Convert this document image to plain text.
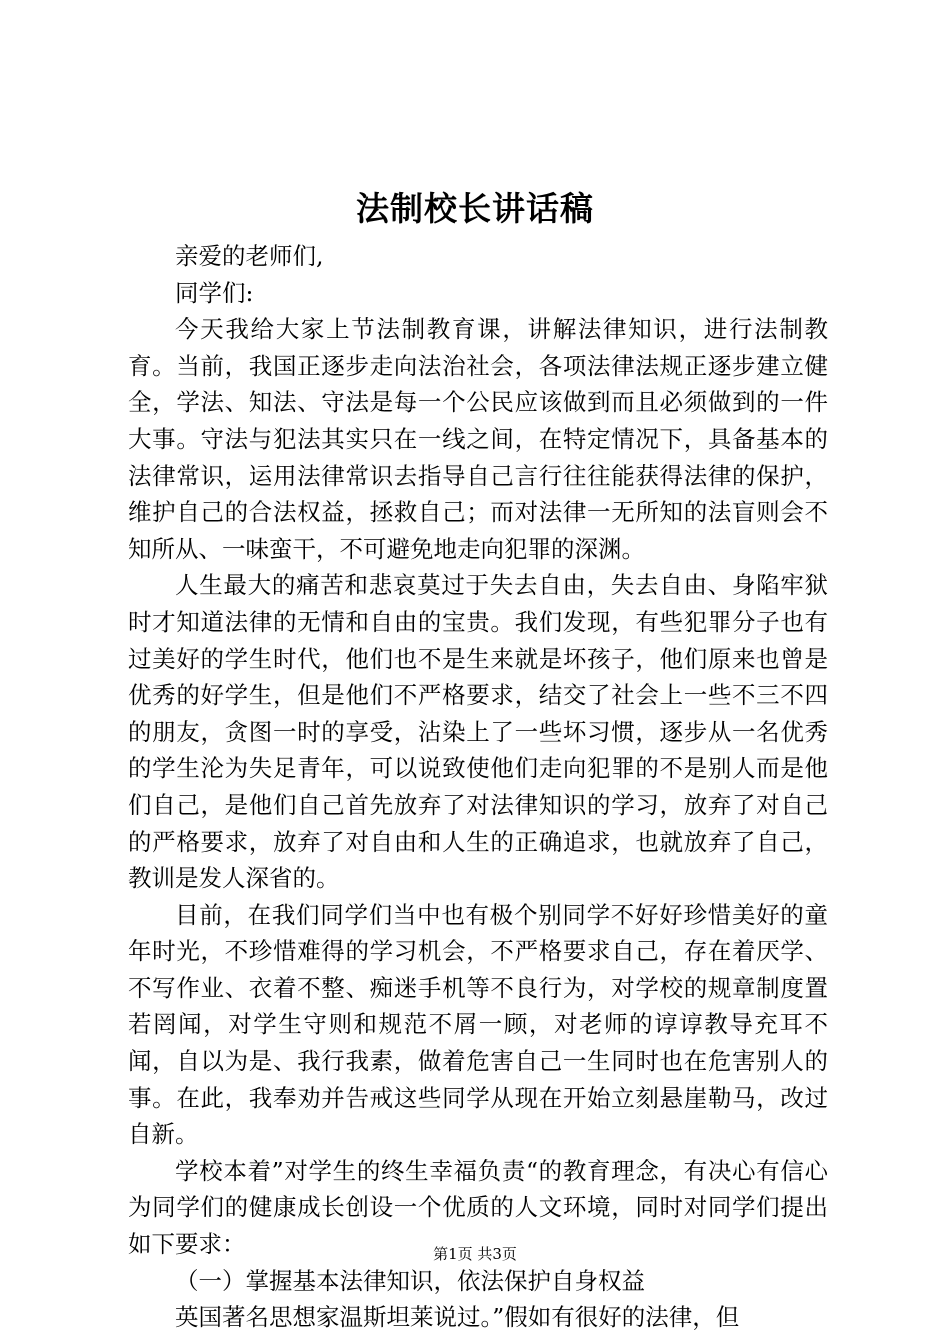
法制校长讲话稿

亲爱的老师们,

同学们:

今天我给大家上节法制教育课，讲解法律知识，进行法制教育。当前，我国正逐步走向法治社会，各项法律法规正逐步建立健全，学法、知法、守法是每一个公民应该做到而且必须做到的一件大事。守法与犯法其实只在一线之间，在特定情况下，具备基本的法律常识，运用法律常识去指导自己言行往往能获得法律的保护，维护自己的合法权益，拯救自己；而对法律一无所知的法盲则会不知所从、一味蛮干，不可避免地走向犯罪的深渊。

人生最大的痛苦和悲哀莫过于失去自由，失去自由、身陷牢狱时才知道法律的无情和自由的宝贵。我们发现，有些犯罪分子也有过美好的学生时代，他们也不是生来就是坏孩子，他们原来也曾是优秀的好学生，但是他们不严格要求，结交了社会上一些不三不四的朋友，贪图一时的享受，沾染上了一些坏习惯，逐步从一名优秀的学生沦为失足青年，可以说致使他们走向犯罪的不是别人而是他们自己，是他们自己首先放弃了对法律知识的学习，放弃了对自己的严格要求，放弃了对自由和人生的正确追求，也就放弃了自己，教训是发人深省的。

目前，在我们同学们当中也有极个别同学不好好珍惜美好的童年时光，不珍惜难得的学习机会，不严格要求自己，存在着厌学、不写作业、衣着不整、痴迷手机等不良行为，对学校的规章制度置若罔闻，对学生守则和规范不屑一顾，对老师的谆谆教导充耳不闻，自以为是、我行我素，做着危害自己一生同时也在危害别人的事。在此，我奉劝并告戒这些同学从现在开始立刻悬崖勒马，改过自新。

学校本着”对学生的终生幸福负责“的教育理念，有决心有信心为同学们的健康成长创设一个优质的人文环境，同时对同学们提出如下要求：

（一）掌握基本法律知识，依法保护自身权益

英国著名思想家温斯坦莱说过。”假如有很好的法律，但

第1页 共3页
